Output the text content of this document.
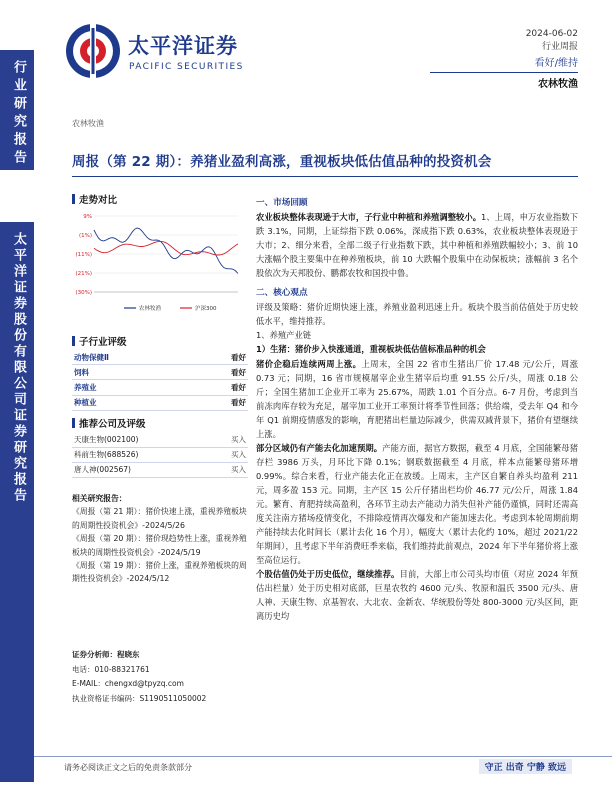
行业研究报告
太平洋证券股份有限公司证券研究报告
太平洋证券
PACIFIC SECURITIES
2024-06-02
行业周报
看好/维持
农林牧渔
农林牧渔
周报（第 22 期）：养猪业盈利高涨，重视板块低估值品种的投资机会
走势对比
9%
(1%)
(11%)
(21%)
(30%)
农林牧渔	沪深300
子行业评级
动物保健Ⅱ	看好
饲料	看好
养殖业	看好
种植业	看好
推荐公司及评级
天康生物(002100)	买入
科前生物(688526)	买入
唐人神(002567)	买入
相关研究报告：
《周报（第 21 期）：猪价快速上涨，重视养殖板块的周期性投资机会》-2024/5/26
《周报（第 20 期）：猪价现趋势性上涨，重视养殖板块的周期性投资机会》-2024/5/19
《周报（第 19 期）：猪价上涨，重视养殖板块的周期性投资机会》-2024/5/12
证券分析师：程晓东
电话：010-88321761
E-MAIL：chengxd@tpyzq.com
执业资格证书编码：S1190511050002
一、市场回顾

农业板块整体表现逊于大市，子行业中种植和养殖调整较小。1、上周，申万农业指数下跌 3.1%，同期，上证综指下跌 0.06%，深成指下跌 0.63%，农业板块整体表现逊于大市；2、细分来看，全部二级子行业指数下跌，其中种植和养殖跌幅较小；3、前 10 大涨幅个股主要集中在种养殖板块，前 10 大跌幅个股集中在动保板块；涨幅前 3 名个股依次为天邦股份、鹏都农牧和国投中鲁。

二、核心观点

评级及策略：猪价近期快速上涨，养殖业盈利迅速上升。板块个股当前估值处于历史较低水平，维持推荐。

1、养殖产业链

1）生猪：猪价步入快涨通道，重视板块低估值标准品种的机会

猪价企稳后连续两周上涨。上周末，全国 22 省市生猪出厂价 17.48 元/公斤，周涨 0.73 元；同期，16 省市规模屠宰企业生猪宰后均重 91.55 公斤/头，周涨 0.18 公斤；全国生猪加工企业开工率为 25.67%，周跌 1.01 个百分点。6-7 月份，考虑到当前冻肉库存较为充足，屠宰加工业开工率预计将季节性回落；供给端，受去年 Q4 和今年 Q1 前期疫情感发的影响，育肥猪出栏量边际减少，供需双减背景下，猪价有望继续上涨。

部分区域仍有产能去化加速预期。产能方面，据官方数据，截至 4 月底，全国能繁母猪存栏 3986 万头，月环比下降 0.1%；钢联数据截至 4 月底，样本点能繁母猪环增 0.99%。综合来看，行业产能去化正在放缓。上周末，主产区自繁自养头均盈利 211 元，周多盈 153 元。同期，主产区 15 公斤仔猪出栏均价 46.77 元/公斤，周涨 1.84 元。繁育、育肥持续高盈利，各环节主动去产能动力消失但补产能仍谨慎，同时还需高度关注南方猪场疫情变化，不排除疫情再次爆发和产能加速去化。考虑到本轮周期前期产能持续去化时间长（累计去化 16 个月），幅度大（累计去化约 10%，超过 2021/22 年期间），且考虑下半年消费旺季来临，我们维持此前观点，2024 年下半年猪价将上涨至高位运行。

个股估值仍处于历史低位，继续推荐。目前，大部上市公司头均市值（对应 2024 年预估出栏量）处于历史相对底部，巨星农牧约 4600 元/头、牧原和温氏 3500 元/头、唐人神、天康生物、京基智农、大北农、金新农、华统股份等处 800-3000 元/头区间，距离历史均

请务必阅读正文之后的免责条款部分	守正 出奇 宁静 致远
